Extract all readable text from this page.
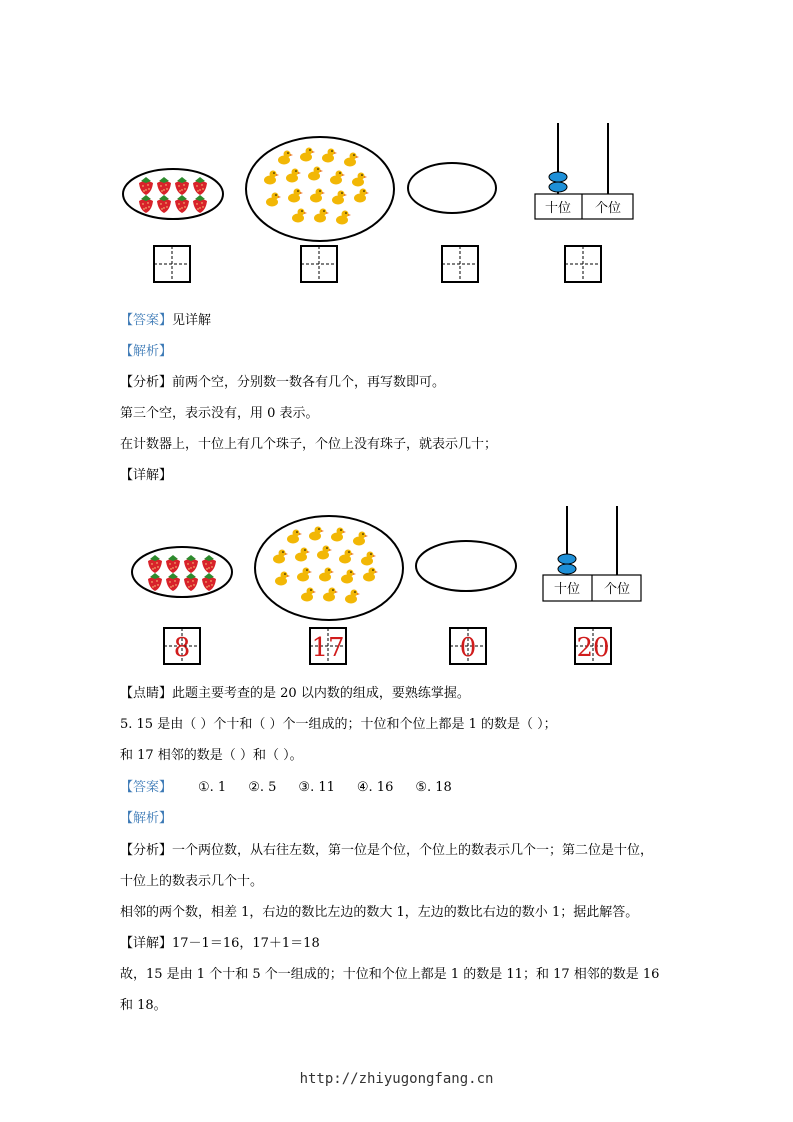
十位 个位
【答案】见详解
【解析】
【分析】前两个空，分别数一数各有几个，再写数即可。
第三个空，表示没有，用 0 表示。
在计数器上，十位上有几个珠子，个位上没有珠子，就表示几十；
【详解】
十位 个位
8	17	0	20
【点睛】此题主要考查的是 20 以内数的组成，要熟练掌握。
5. 15 是由（ ）个十和（ ）个一组成的；十位和个位上都是 1 的数是（ ）；
和 17 相邻的数是（ ）和（ ）。
【答案】 ①. 1 ②. 5 ③. 11 ④. 16 ⑤. 18
【解析】
【分析】一个两位数，从右往左数，第一位是个位，个位上的数表示几个一；第二位是十位，
十位上的数表示几个十。
相邻的两个数，相差 1，右边的数比左边的数大 1，左边的数比右边的数小 1；据此解答。
【详解】17－1＝16，17＋1＝18
故，15 是由 1 个十和 5 个一组成的；十位和个位上都是 1 的数是 11；和 17 相邻的数是 16
和 18。
http://zhiyugongfang.cn
